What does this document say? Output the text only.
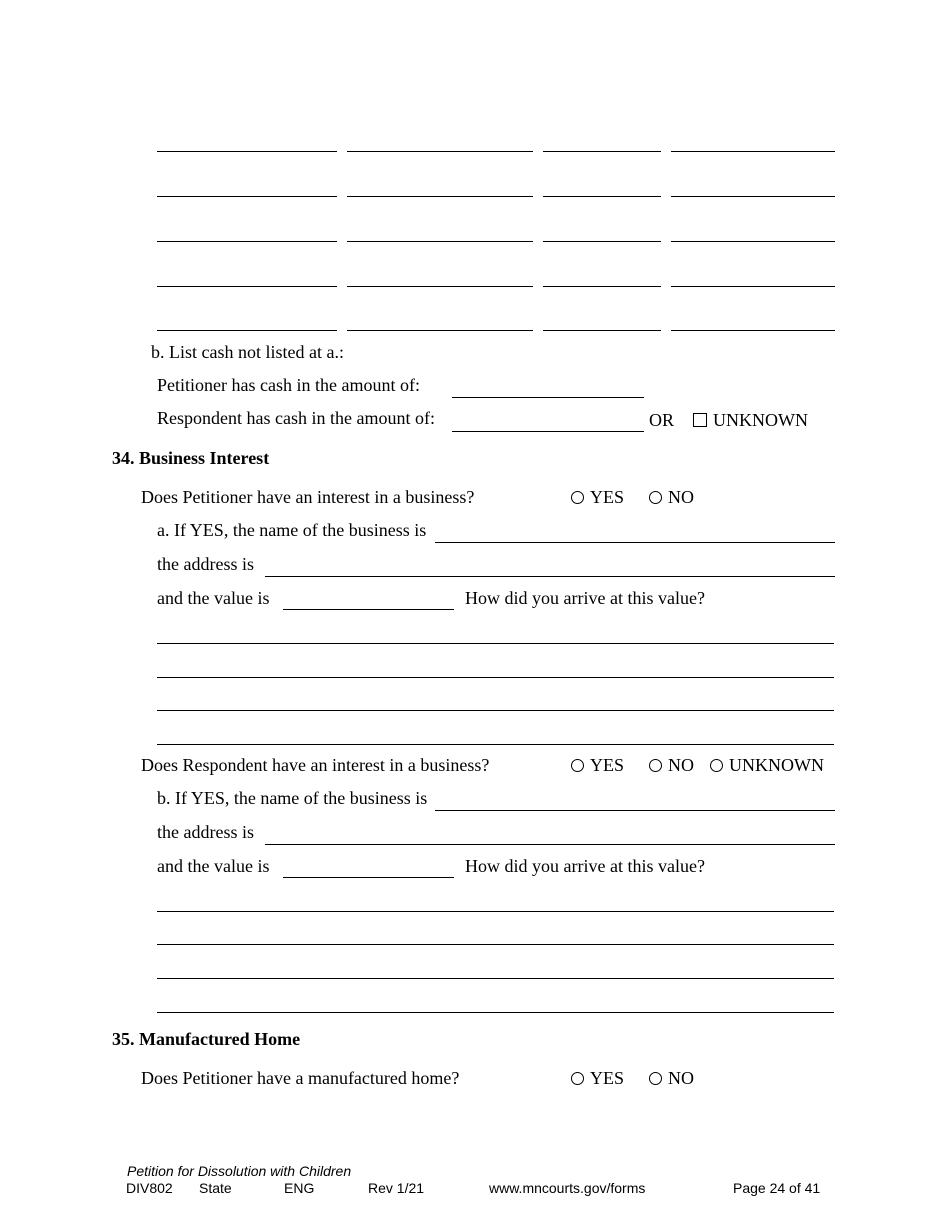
b. List cash not listed at a.:
Petitioner has cash in the amount of:
Respondent has cash in the amount of:	OR	UNKNOWN
34. Business Interest
Does Petitioner have an interest in a business?	YES	NO
a. If YES, the name of the business is
the address is
and the value is	How did you arrive at this value?
Does Respondent have an interest in a business?	YES	NO	UNKNOWN
b. If YES, the name of the business is
the address is
and the value is	How did you arrive at this value?
35. Manufactured Home
Does Petitioner have a manufactured home?	YES	NO
Petition for Dissolution with Children
DIV802 State	ENG	Rev 1/21	www.mncourts.gov/forms	Page 24 of 41
